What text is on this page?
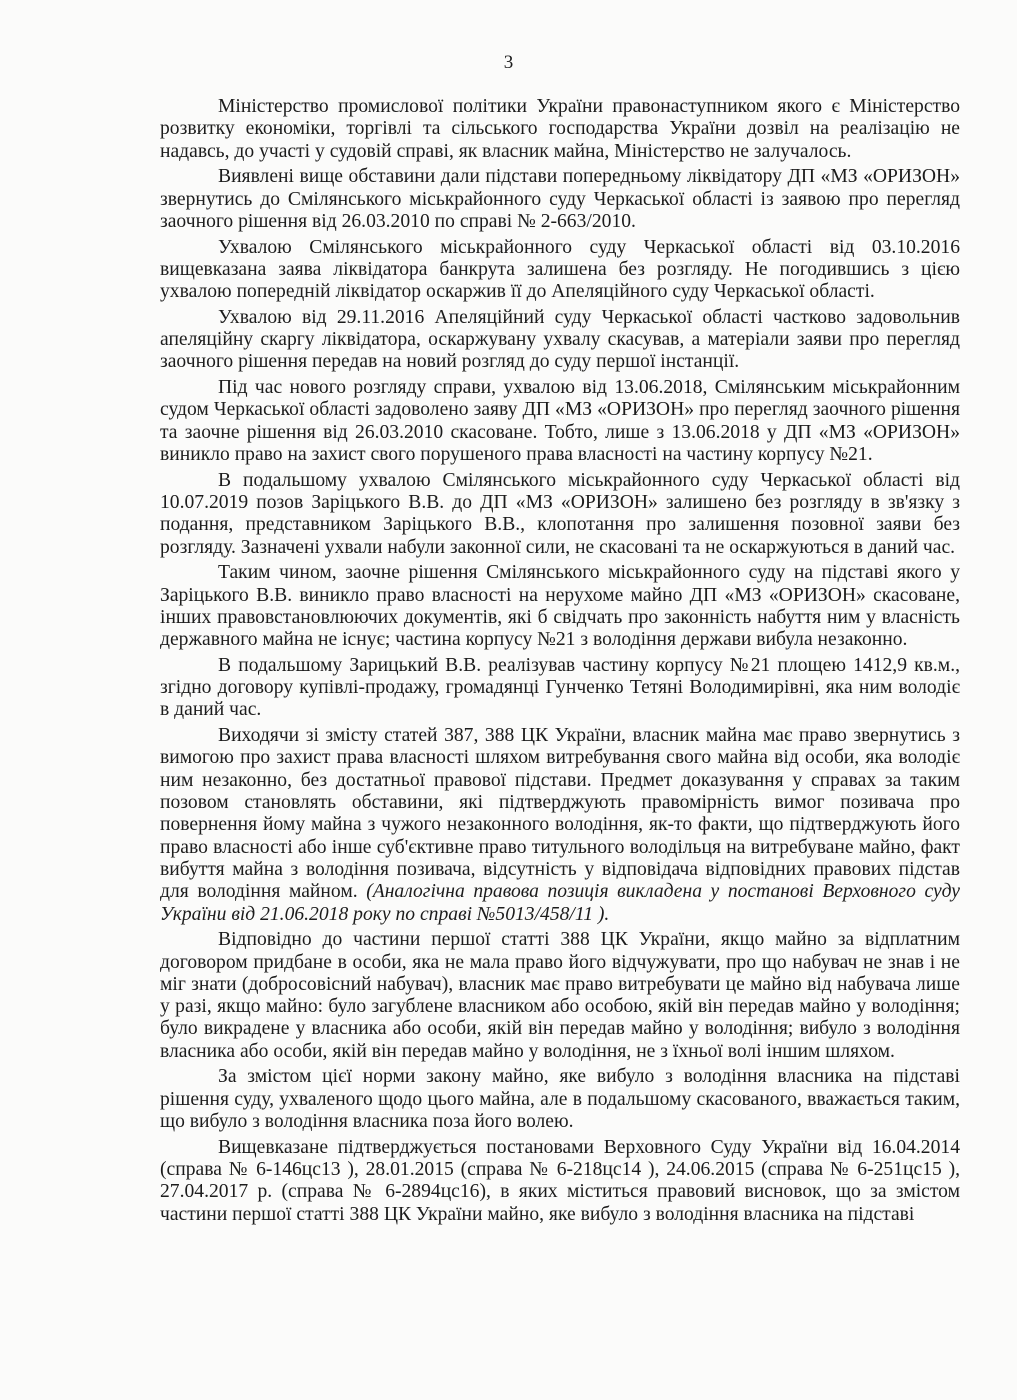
3

Міністерство промислової політики України правонаступником якого є Міністерство розвитку економіки, торгівлі та сільського господарства України дозвіл на реалізацію не надавсь, до участі у судовій справі, як власник майна, Міністерство не залучалось.

Виявлені вище обставини дали підстави попередньому ліквідатору ДП «МЗ «ОРИЗОН» звернутись до Смілянського міськрайонного суду Черкаської області із заявою про перегляд заочного рішення від 26.03.2010 по справі № 2-663/2010.

Ухвалою Смілянського міськрайонного суду Черкаської області від 03.10.2016 вищевказана заява ліквідатора банкрута залишена без розгляду. Не погодившись з цією ухвалою попередній ліквідатор оскаржив її до Апеляційного суду Черкаської області.

Ухвалою від 29.11.2016 Апеляційний суду Черкаської області частково задовольнив апеляційну скаргу ліквідатора, оскаржувану ухвалу скасував, а матеріали заяви про перегляд заочного рішення передав на новий розгляд до суду першої інстанції.

Під час нового розгляду справи, ухвалою від 13.06.2018, Смілянським міськрайонним судом Черкаської області задоволено заяву ДП «МЗ «ОРИЗОН» про перегляд заочного рішення та заочне рішення від 26.03.2010 скасоване. Тобто, лише з 13.06.2018 у ДП «МЗ «ОРИЗОН» виникло право на захист свого порушеного права власності на частину корпусу №21.

В подальшому ухвалою Смілянського міськрайонного суду Черкаської області від 10.07.2019 позов Заріцького В.В. до ДП «МЗ «ОРИЗОН» залишено без розгляду в зв'язку з подання, представником Заріцького В.В., клопотання про залишення позовної заяви без розгляду. Зазначені ухвали набули законної сили, не скасовані та не оскаржуються в даний час.

Таким чином, заочне рішення Смілянського міськрайонного суду на підставі якого у Заріцького В.В. виникло право власності на нерухоме майно ДП «МЗ «ОРИЗОН» скасоване, інших правовстановлюючих документів, які б свідчать про законність набуття ним у власність державного майна не існує; частина корпусу №21 з володіння держави вибула незаконно.

В подальшому Зарицький В.В. реалізував частину корпусу №21 площею 1412,9 кв.м., згідно договору купівлі-продажу, громадянці Гунченко Тетяні Володимирівні, яка ним володіє в даний час.

Виходячи зі змісту статей 387, 388 ЦК України, власник майна має право звернутись з вимогою про захист права власності шляхом витребування свого майна від особи, яка володіє ним незаконно, без достатньої правової підстави. Предмет доказування у справах за таким позовом становлять обставини, які підтверджують правомірність вимог позивача про повернення йому майна з чужого незаконного володіння, як-то факти, що підтверджують його право власності або інше суб'єктивне право титульного володільця на витребуване майно, факт вибуття майна з володіння позивача, відсутність у відповідача відповідних правових підстав для володіння майном. (Аналогічна правова позиція викладена у постанові Верховного суду України від 21.06.2018 року по справі №5013/458/11 ).

Відповідно до частини першої статті 388 ЦК України, якщо майно за відплатним договором придбане в особи, яка не мала право його відчужувати, про що набувач не знав і не міг знати (добросовісний набувач), власник має право витребувати це майно від набувача лише у разі, якщо майно: було загублене власником або особою, якій він передав майно у володіння; було викрадене у власника або особи, якій він передав майно у володіння; вибуло з володіння власника або особи, якій він передав майно у володіння, не з їхньої волі іншим шляхом.

За змістом цієї норми закону майно, яке вибуло з володіння власника на підставі рішення суду, ухваленого щодо цього майна, але в подальшому скасованого, вважається таким, що вибуло з володіння власника поза його волею.

Вищевказане підтверджується постановами Верховного Суду України від 16.04.2014 (справа № 6-146цс13 ), 28.01.2015 (справа № 6-218цс14 ), 24.06.2015 (справа № 6-251цс15 ), 27.04.2017 р. (справа № 6-2894цс16), в яких міститься правовий висновок, що за змістом частини першої статті 388 ЦК України майно, яке вибуло з володіння власника на підставі
